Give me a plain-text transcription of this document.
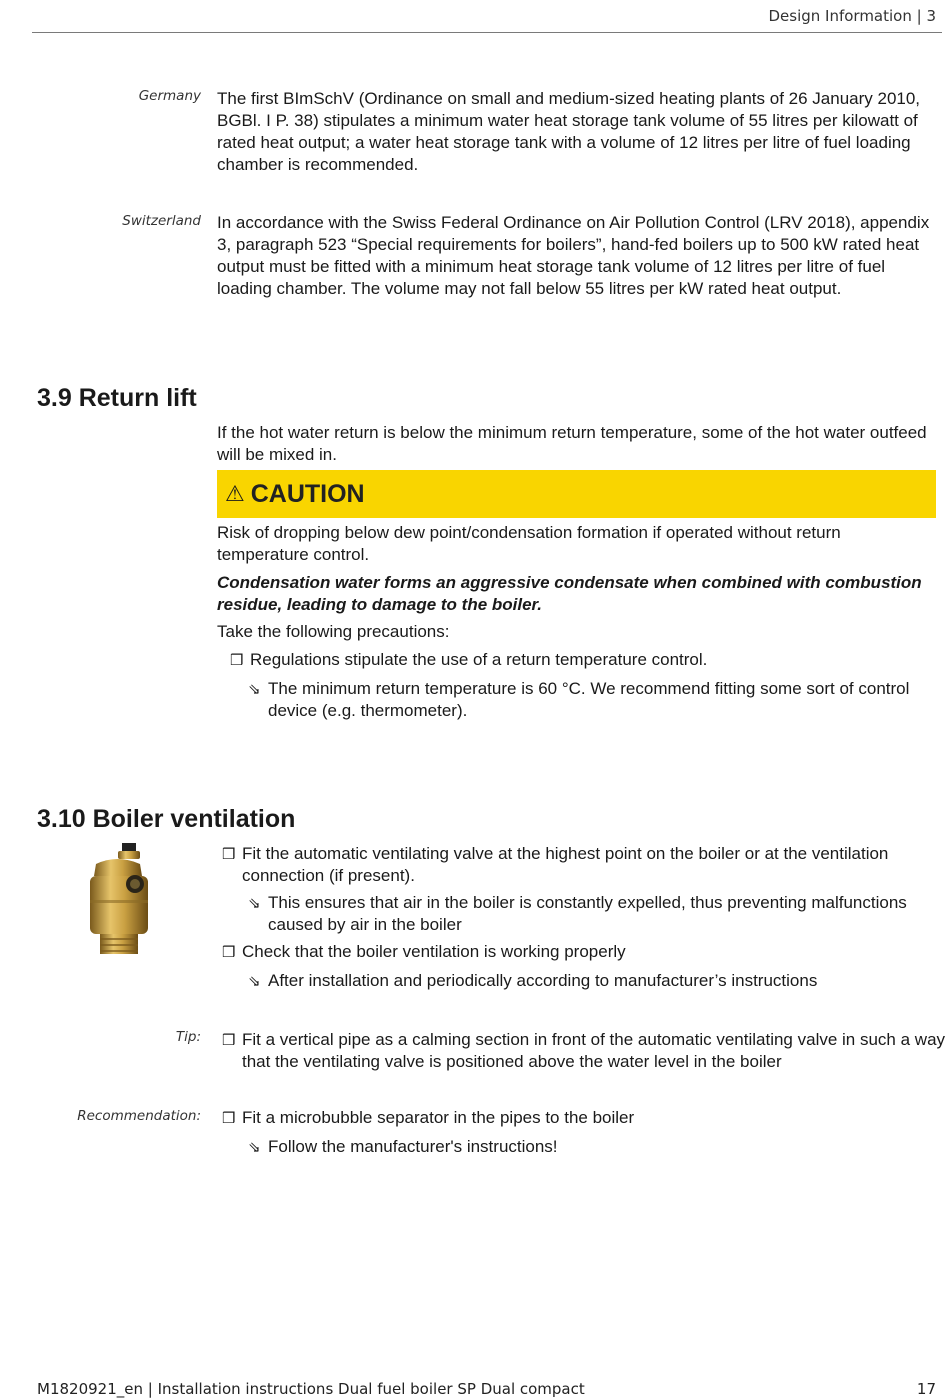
Design Information | 3
Germany The first BImSchV (Ordinance on small and medium-sized heating plants of 26 January 2010, BGBl. I P. 38) stipulates a minimum water heat storage tank volume of 55 litres per kilowatt of rated heat output; a water heat storage tank with a volume of 12 litres per litre of fuel loading chamber is recommended.

Switzerland In accordance with the Swiss Federal Ordinance on Air Pollution Control (LRV 2018), appendix 3, paragraph 523 “Special requirements for boilers”, hand-fed boilers up to 500 kW rated heat output must be fitted with a minimum heat storage tank volume of 12 litres per litre of fuel loading chamber. The volume may not fall below 55 litres per kW rated heat output.

3.9 Return lift

If the hot water return is below the minimum return temperature, some of the hot water outfeed will be mixed in.

⚠ CAUTION

Risk of dropping below dew point/condensation formation if operated without return temperature control.

Condensation water forms an aggressive condensate when combined with combustion residue, leading to damage to the boiler.

Take the following precautions:

❒ Regulations stipulate the use of a return temperature control.
⇘ The minimum return temperature is 60 °C. We recommend fitting some sort of control device (e.g. thermometer).
3.10 Boiler ventilation
❒ Fit the automatic ventilating valve at the highest point on the boiler or at the ventilation connection (if present).
⇘ This ensures that air in the boiler is constantly expelled, thus preventing malfunctions caused by air in the boiler
❒ Check that the boiler ventilation is working properly
⇘ After installation and periodically according to manufacturer’s instructions
Tip: ❒ Fit a vertical pipe as a calming section in front of the automatic ventilating valve in such a way that the ventilating valve is positioned above the water level in the boiler
Recommendation: ❒ Fit a microbubble separator in the pipes to the boiler
⇘ Follow the manufacturer's instructions!
M1820921_en | Installation instructions Dual fuel boiler SP Dual compact	17
